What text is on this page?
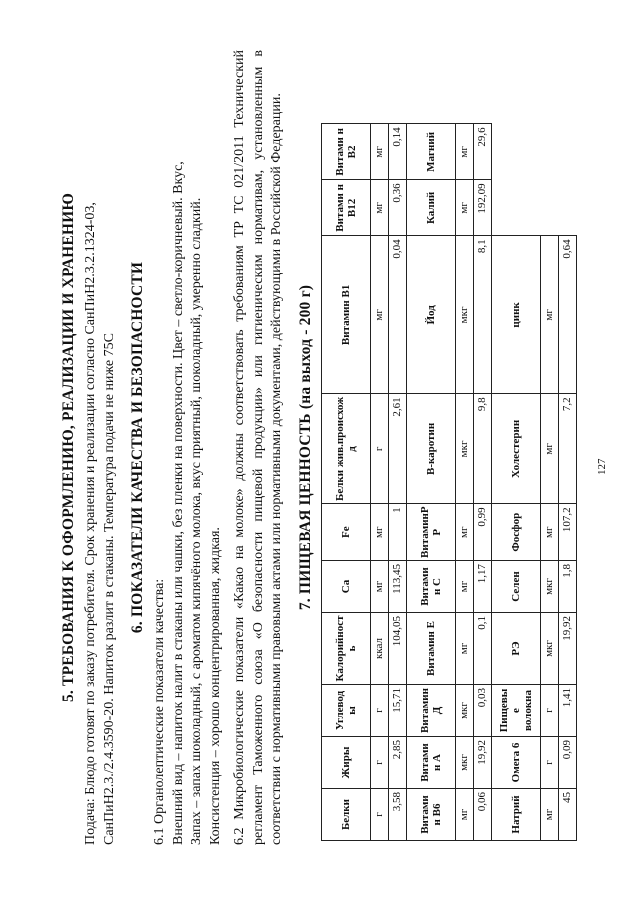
5. ТРЕБОВАНИЯ К ОФОРМЛЕНИЮ, РЕАЛИЗАЦИИ И ХРАНЕНИЮ Подача: Блюдо готовят по заказу потребителя. Срок хранения и реализации согласно СанПиН2.3.2.1324-03, СанПиН2.3./2.4.3590-20. Напиток разлит в стаканы. Температура подачи не ниже 75С 6. ПОКАЗАТЕЛИ КАЧЕСТВА И БЕЗОПАСНОСТИ

6.1 Органолептические показатели качества: Внешний вид – напиток налит в стаканы или чашки, без пленки на поверхности. Цвет – светло-коричневый. Вкус, Запах – запах шоколадный, с ароматом кипячёного молока, вкус приятный, шоколадный, умеренно сладкий. Консистенция – хорошо концентрированная, жидкая. 6.2 Микробиологические показатели «Какао на молоке» должны соответствовать требованиям ТР ТС 021/2011 Технический регламент Таможенного союза «О безопасности пищевой продукции» или гигиеническим нормативам, установленным в соответствии с нормативными правовыми актами или нормативными документами, действующими в Российской Федерации. 7. ПИЩЕВАЯ ЦЕННОСТЬ (на выход - 200 г)
Белки	Жиры	Углевод ы	Калорийност ь	Ca	Fe	Белки жив.происхож д	Витамин B1	Витами н B12	Витами н B2
г	г	г	ккал	мг	мг	г	мг	мг	мг
3,58	2,85	15,71	104,05	113,45	1	2,61	0,04	0,36	0,14
Витами н B6	Витами н A	Витамин Д	Витамин Е	Витами н С	ВитаминР Р	В-каротин	Йод	Калий	Магний
мг	мкг	мкг	мг	мг	мг	мкг	мкг	мг	мг
0,06	19,92	0,03	0,1	1,17	0,99	9,8	8,1	192,09	29,6
Натрий	Омега 6	Пищевы е волокна	РЭ	Селен	Фосфор	Холестерин	цинк		
мг	г	г	мкг	мкг	мг	мг	мг		
45	0,09	1,41	19,92	1,8	107,2	7,2	0,64		
127
